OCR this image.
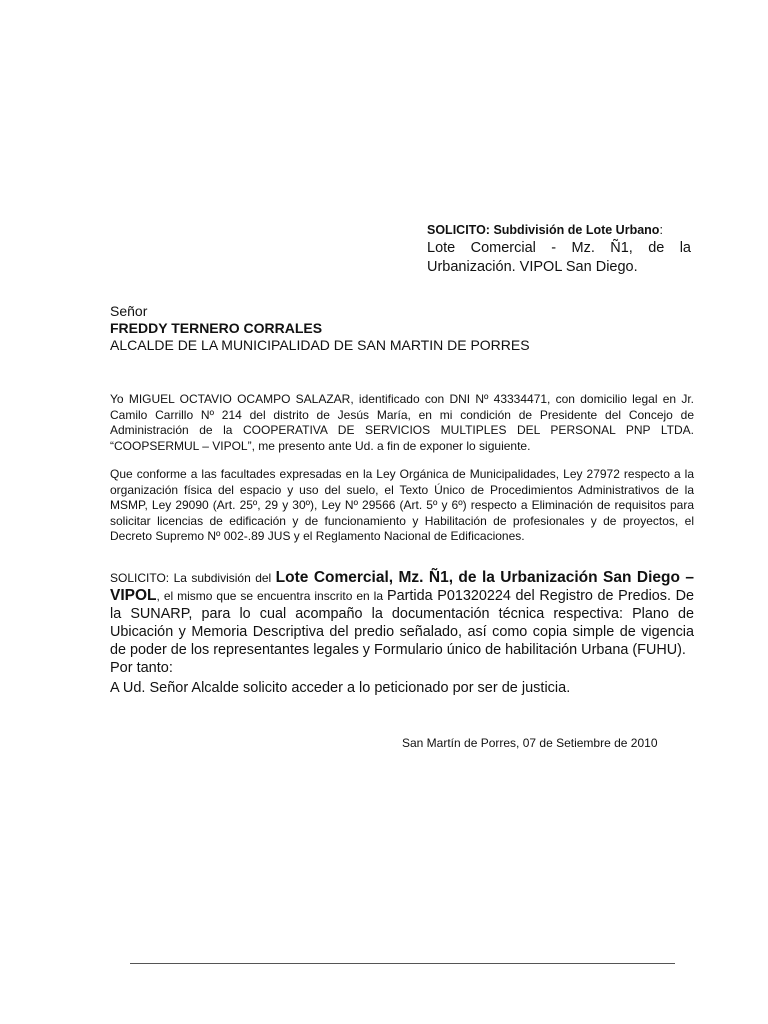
SOLICITO: Subdivisión de Lote Urbano:
Lote Comercial - Mz. Ñ1, de la Urbanización. VIPOL San Diego.
Señor
FREDDY TERNERO CORRALES
ALCALDE DE LA MUNICIPALIDAD DE SAN MARTIN DE PORRES
Yo MIGUEL OCTAVIO OCAMPO SALAZAR, identificado con DNI Nº 43334471, con domicilio legal en Jr. Camilo Carrillo Nº 214 del distrito de Jesús María, en mi condición de Presidente del Concejo de Administración de la COOPERATIVA DE SERVICIOS MULTIPLES DEL PERSONAL PNP LTDA. “COOPSERMUL – VIPOL”, me presento ante Ud. a fin de exponer lo siguiente.
Que conforme a las facultades expresadas en la Ley Orgánica de Municipalidades, Ley 27972 respecto a la organización física del espacio y uso del suelo, el Texto Único de Procedimientos Administrativos de la MSMP, Ley 29090 (Art. 25º, 29 y 30º), Ley Nº 29566 (Art. 5º y 6º) respecto a Eliminación de requisitos para solicitar licencias de edificación y de funcionamiento y Habilitación de profesionales y de proyectos, el Decreto Supremo Nº 002-.89 JUS y el Reglamento Nacional de Edificaciones.
SOLICITO: La subdivisión del Lote Comercial, Mz. Ñ1, de la Urbanización San Diego – VIPOL, el mismo que se encuentra inscrito en la Partida P01320224 del Registro de Predios. De la SUNARP, para lo cual acompaño la documentación técnica respectiva: Plano de Ubicación y Memoria Descriptiva del predio señalado, así como copia simple de vigencia de poder de los representantes legales y Formulario único de habilitación Urbana (FUHU).
Por tanto:
A Ud. Señor Alcalde solicito acceder a lo peticionado por ser de justicia.
San Martín de Porres, 07 de Setiembre de 2010
